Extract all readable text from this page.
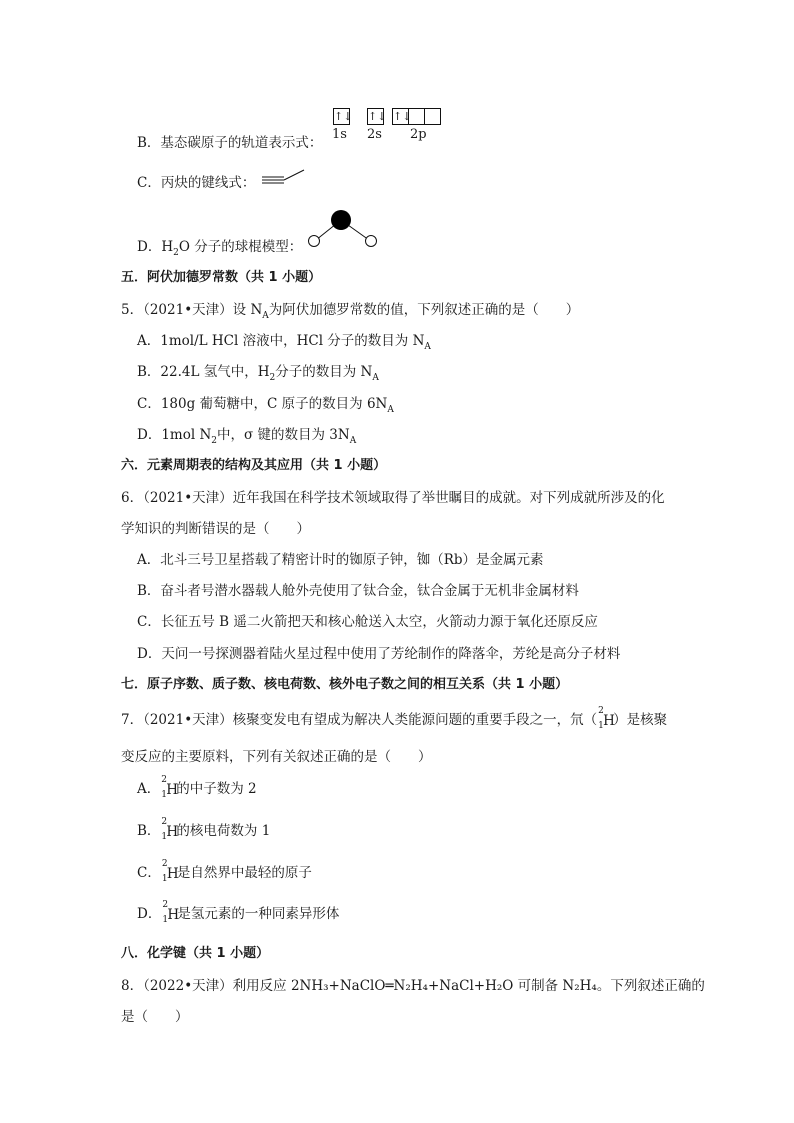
↑↓ ↑↓ ↑↓
1s 2s 2p
B．基态碳原子的轨道表示式：
C．丙炔的键线式：
D．$H_2O$ 分子的球棍模型：
五．阿伏加德罗常数（共 1 小题）
5．（2021•天津）设 $N_A$为阿伏加德罗常数的值，下列叙述正确的是（　　）
A．1mol/L HCl 溶液中，HCl 分子的数目为 $N_A$
B．22.4L 氢气中，$H_2$分子的数目为 $N_A$
C．180g 葡萄糖中，C 原子的数目为 $6N_A$
D．1mol $N_2$中，σ 键的数目为 $3N_A$
六．元素周期表的结构及其应用（共 1 小题）
6．（2021•天津）近年我国在科学技术领域取得了举世瞩目的成就。对下列成就所涉及的化
学知识的判断错误的是（　　）
A．北斗三号卫星搭载了精密计时的铷原子钟，铷（Rb）是金属元素
B．奋斗者号潜水器载人舱外壳使用了钛合金，钛合金属于无机非金属材料
C．长征五号 B 遥二火箭把天和核心舱送入太空，火箭动力源于氧化还原反应
D．天问一号探测器着陆火星过程中使用了芳纶制作的降落伞，芳纶是高分子材料
七．原子序数、质子数、核电荷数、核外电子数之间的相互关系（共 1 小题）
7．（2021•天津）核聚变发电有望成为解决人类能源问题的重要手段之一，氘（
2
1 H
）是核聚
变反应的主要原料，下列有关叙述正确的是（　　）
A．
2
1 H
的中子数为 2
B．
2
1 H
的核电荷数为 1
C．
2
1 H
是自然界中最轻的原子
D．
2
1 H
是氢元素的一种同素异形体
八．化学键（共 1 小题）
8．（2022•天津）利用反应 2NH₃+NaClO═N₂H₄+NaCl+H₂O 可制备 N₂H₄。下列叙述正确的
是（　　）
